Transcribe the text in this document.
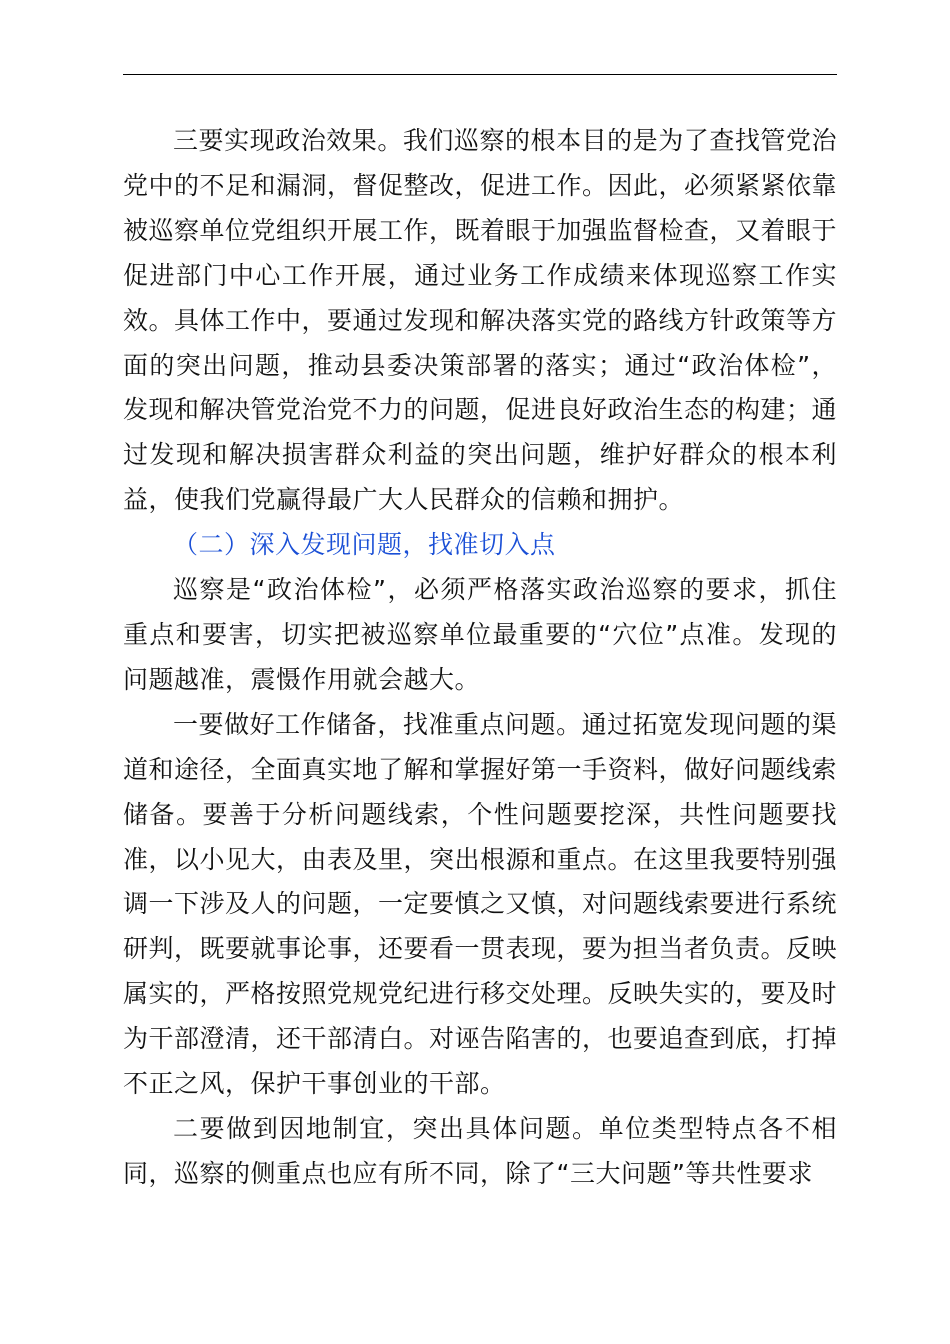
三要实现政治效果。我们巡察的根本目的是为了查找管党治党中的不足和漏洞，督促整改，促进工作。因此，必须紧紧依靠被巡察单位党组织开展工作，既着眼于加强监督检查，又着眼于促进部门中心工作开展，通过业务工作成绩来体现巡察工作实效。具体工作中，要通过发现和解决落实党的路线方针政策等方面的突出问题，推动县委决策部署的落实；通过“政治体检”，发现和解决管党治党不力的问题，促进良好政治生态的构建；通过发现和解决损害群众利益的突出问题，维护好群众的根本利益，使我们党赢得最广大人民群众的信赖和拥护。

（二）深入发现问题，找准切入点

巡察是“政治体检”，必须严格落实政治巡察的要求，抓住重点和要害，切实把被巡察单位最重要的“穴位”点准。发现的问题越准，震慑作用就会越大。

一要做好工作储备，找准重点问题。通过拓宽发现问题的渠道和途径，全面真实地了解和掌握好第一手资料，做好问题线索储备。要善于分析问题线索，个性问题要挖深，共性问题要找准，以小见大，由表及里，突出根源和重点。在这里我要特别强调一下涉及人的问题，一定要慎之又慎，对问题线索要进行系统研判，既要就事论事，还要看一贯表现，要为担当者负责。反映属实的，严格按照党规党纪进行移交处理。反映失实的，要及时为干部澄清，还干部清白。对诬告陷害的，也要追查到底，打掉不正之风，保护干事创业的干部。

二要做到因地制宜，突出具体问题。单位类型特点各不相同，巡察的侧重点也应有所不同，除了“三大问题”等共性要求
